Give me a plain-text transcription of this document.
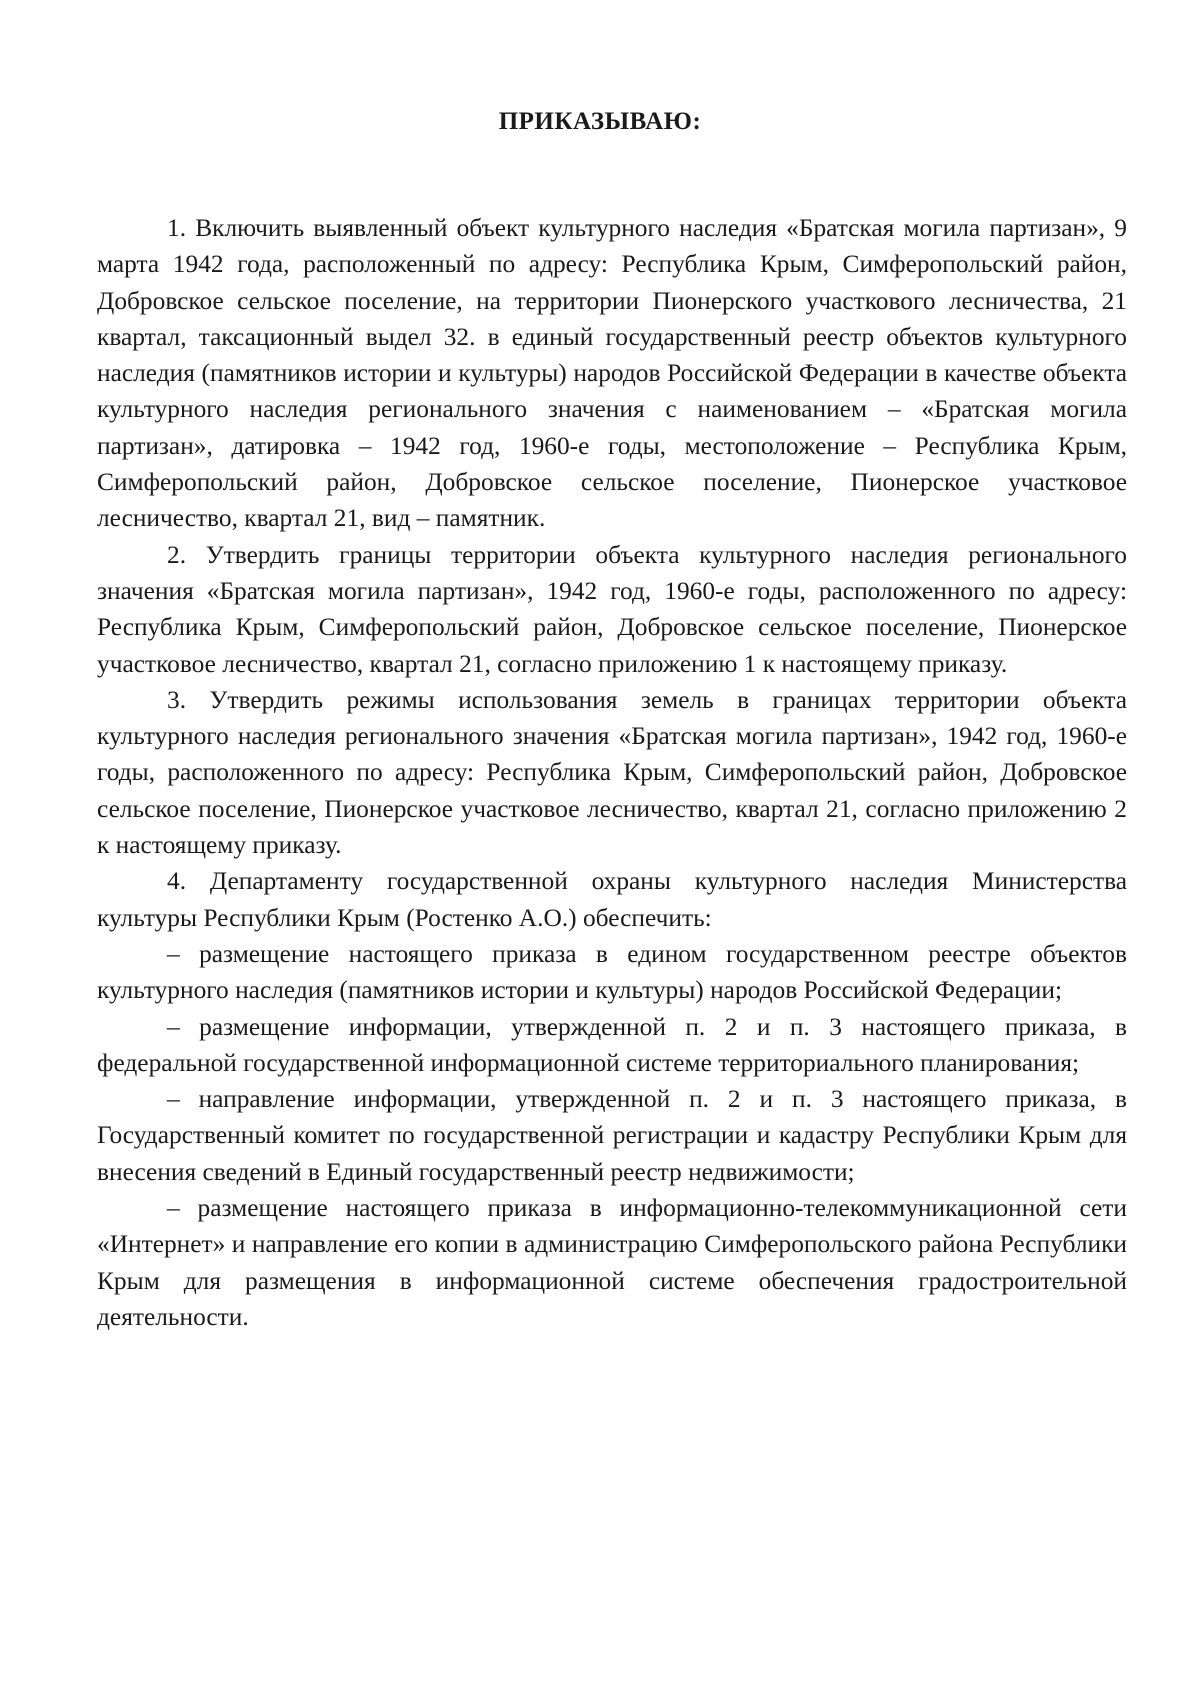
ПРИКАЗЫВАЮ:

1. Включить выявленный объект культурного наследия «Братская могила партизан», 9 марта 1942 года, расположенный по адресу: Республика Крым, Симферопольский район, Добровское сельское поселение, на территории Пионерского участкового лесничества, 21 квартал, таксационный выдел 32. в единый государственный реестр объектов культурного наследия (памятников истории и культуры) народов Российской Федерации в качестве объекта культурного наследия регионального значения с наименованием – «Братская могила партизан», датировка – 1942 год, 1960-е годы, местоположение – Республика Крым, Симферопольский район, Добровское сельское поселение, Пионерское участковое лесничество, квартал 21, вид – памятник.

2. Утвердить границы территории объекта культурного наследия регионального значения «Братская могила партизан», 1942 год, 1960-е годы, расположенного по адресу: Республика Крым, Симферопольский район, Добровское сельское поселение, Пионерское участковое лесничество, квартал 21, согласно приложению 1 к настоящему приказу.

3. Утвердить режимы использования земель в границах территории объекта культурного наследия регионального значения «Братская могила партизан», 1942 год, 1960-е годы, расположенного по адресу: Республика Крым, Симферопольский район, Добровское сельское поселение, Пионерское участковое лесничество, квартал 21, согласно приложению 2 к настоящему приказу.

4. Департаменту государственной охраны культурного наследия Министерства культуры Республики Крым (Ростенко А.О.) обеспечить:

– размещение настоящего приказа в едином государственном реестре объектов культурного наследия (памятников истории и культуры) народов Российской Федерации;

– размещение информации, утвержденной п. 2 и п. 3 настоящего приказа, в федеральной государственной информационной системе территориального планирования;

– направление информации, утвержденной п. 2 и п. 3 настоящего приказа, в Государственный комитет по государственной регистрации и кадастру Республики Крым для внесения сведений в Единый государственный реестр недвижимости;

– размещение настоящего приказа в информационно-телекоммуникационной сети «Интернет» и направление его копии в администрацию Симферопольского района Республики Крым для размещения в информационной системе обеспечения градостроительной деятельности.
